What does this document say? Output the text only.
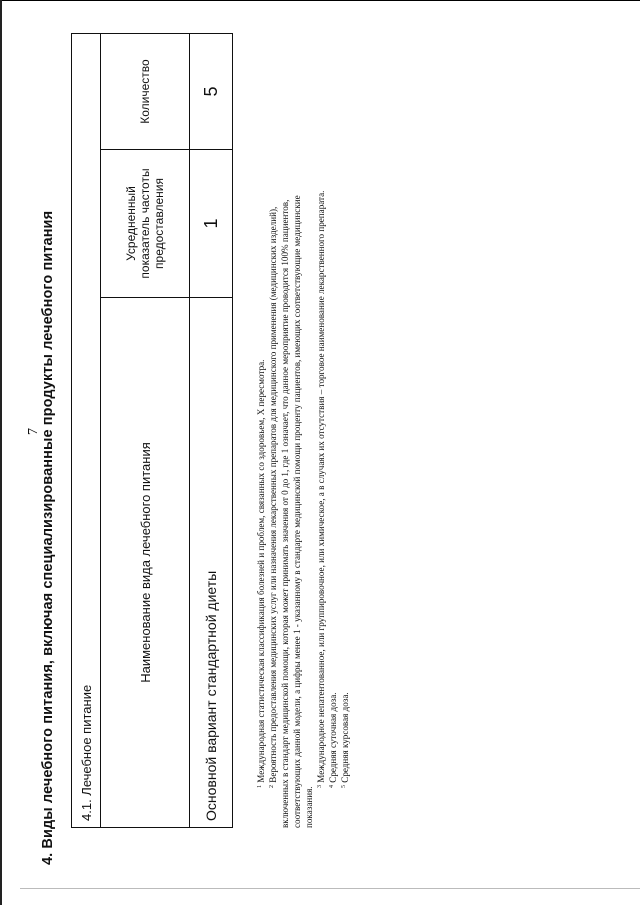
7 4. Виды лечебного питания, включая специализированные продукты лечебного питания 4.1. Лечебное питание		
Наименование вида лечебного питания	Усредненный показатель частоты предоставления	Количество
Основной вариант стандартной диеты	1	5

$^1$ Международная статистическая классификация болезней и проблем, связанных со здоровьем, X пересмотра.

$^2$ Вероятность предоставления медицинских услуг или назначения лекарственных препаратов для медицинского применения (медицинских изделий), включенных в стандарт медицинской помощи, которая может принимать значения от 0 до 1, где 1 означает, что данное мероприятие проводится 100% пациентов, соответствующих данной модели, а цифры менее 1 - указанному в стандарте медицинской помощи проценту пациентов, имеющих соответствующие медицинские показания. $^3$ Международное непатентованное, или группировочное, или химическое, а в случаях их отсутствия – торговое наименование лекарственного препарата.

$^4$ Средняя суточная доза.

$^5$ Средняя курсовая доза.
